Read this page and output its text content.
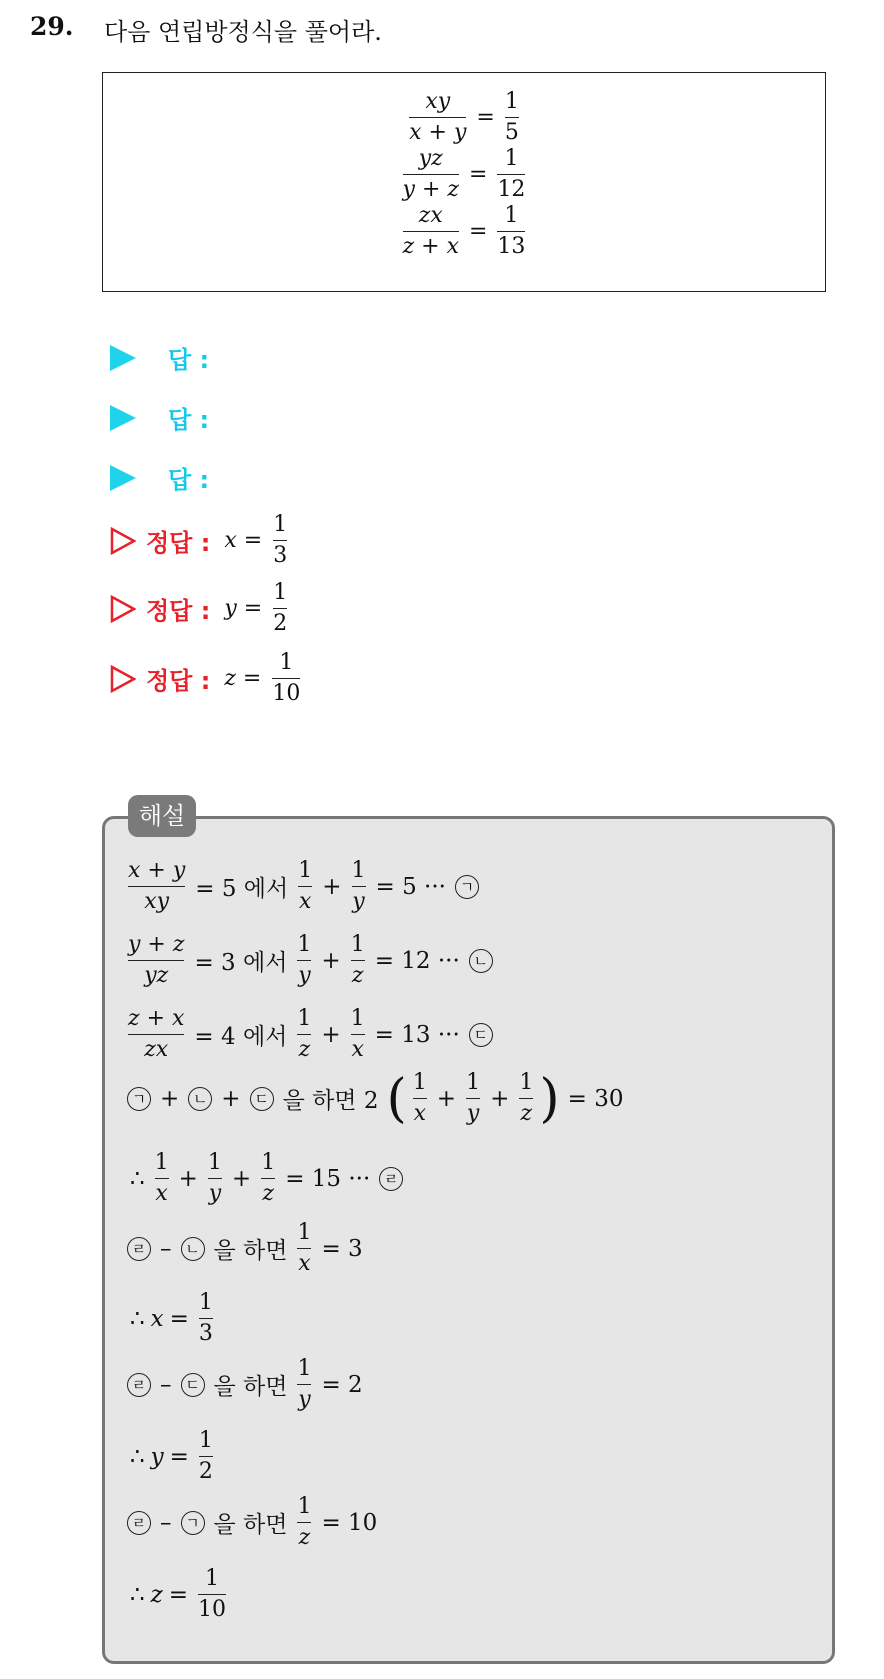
29. 다음 연립방정식을 풀어라.
$\frac{xy}{x + y} = \frac{1}{5}$
$\frac{yz}{y + z} = \frac{1}{12}$
$\frac{zx}{z + x} = \frac{1}{13}$
답 :
답 :
답 :
정답 : x
=

1
3
정답 : y
=

1
2
정답 : z
=

1
10
해설
x + y
xy = 5 에서
1
x
+
1
y
= 5 ··· ㄱ
y + z
yz = 3 에서
1
y
+
1
z
= 12 ··· ㄴ
z + x
zx = 4 에서
1
z
+
1
x
= 13 ··· ㄷ
ㄱ + ㄴ + ㄷ 을 하면 2 ( 1
x
+
1
y
+
1
z ) = 30
∴
1
x
+
1
y
+
1
z
= 15 ··· ㄹ
ㄹ – ㄴ 을 하면
1
x
= 3
∴ x =
1
3
ㄹ – ㄷ 을 하면
1
y
= 2
∴ y =
1
2
ㄹ – ㄱ 을 하면
1
z
= 10
∴ z =
1
10
